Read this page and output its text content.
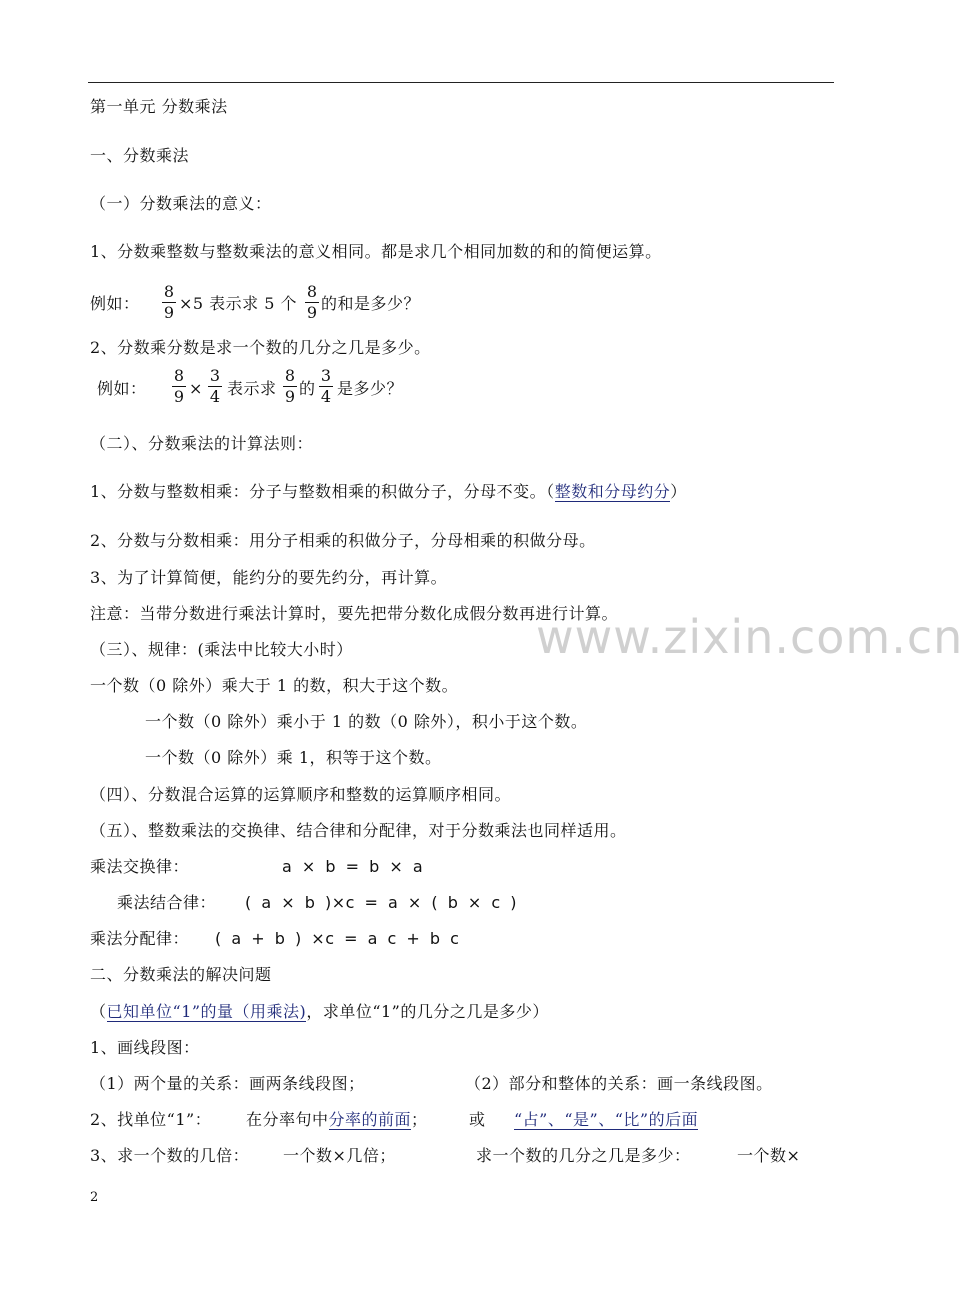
www.zixin.com.cn
第一单元 分数乘法
一、分数乘法
（一）分数乘法的意义：
1、分数乘整数与整数乘法的意义相同。都是求几个相同加数的和的简便运算。
例如：
8
9 ×5 表示求 5 个
8
9 的和是多少？
2、分数乘分数是求一个数的几分之几是多少。
例如：
8
9 ×
3
4 表示求
8
9 的
3
4 是多少？
（二）、分数乘法的计算法则：
1、分数与整数相乘：分子与整数相乘的积做分子，分母不变。（整数和分母约分）
2、分数与分数相乘：用分子相乘的积做分子，分母相乘的积做分母。
3、为了计算简便，能约分的要先约分，再计算。
注意：当带分数进行乘法计算时，要先把带分数化成假分数再进行计算。
（三）、规律：(乘法中比较大小时）
一个数（0 除外）乘大于 1 的数，积大于这个数。
一个数（0 除外）乘小于 1 的数（0 除外），积小于这个数。
一个数（0 除外）乘 1，积等于这个数。
（四）、分数混合运算的运算顺序和整数的运算顺序相同。
（五）、整数乘法的交换律、结合律和分配律，对于分数乘法也同样适用。
乘法交换律：	a × b = b × a
乘法结合律： ( a × b )×c = a × ( b × c )
乘法分配律： ( a + b ) ×c = a c + b c
二、分数乘法的解决问题
（已知单位“1”的量（用乘法)，求单位“1”的几分之几是多少）
1、画线段图：
（1）两个量的关系：画两条线段图；	（2）部分和整体的关系：画一条线段图。
2、找单位“1”： 在分率句中分率的前面；	或 “占”、“是”、“比”的后面
3、求一个数的几倍： 一个数×几倍；	求一个数的几分之几是多少：	一个数×
2
